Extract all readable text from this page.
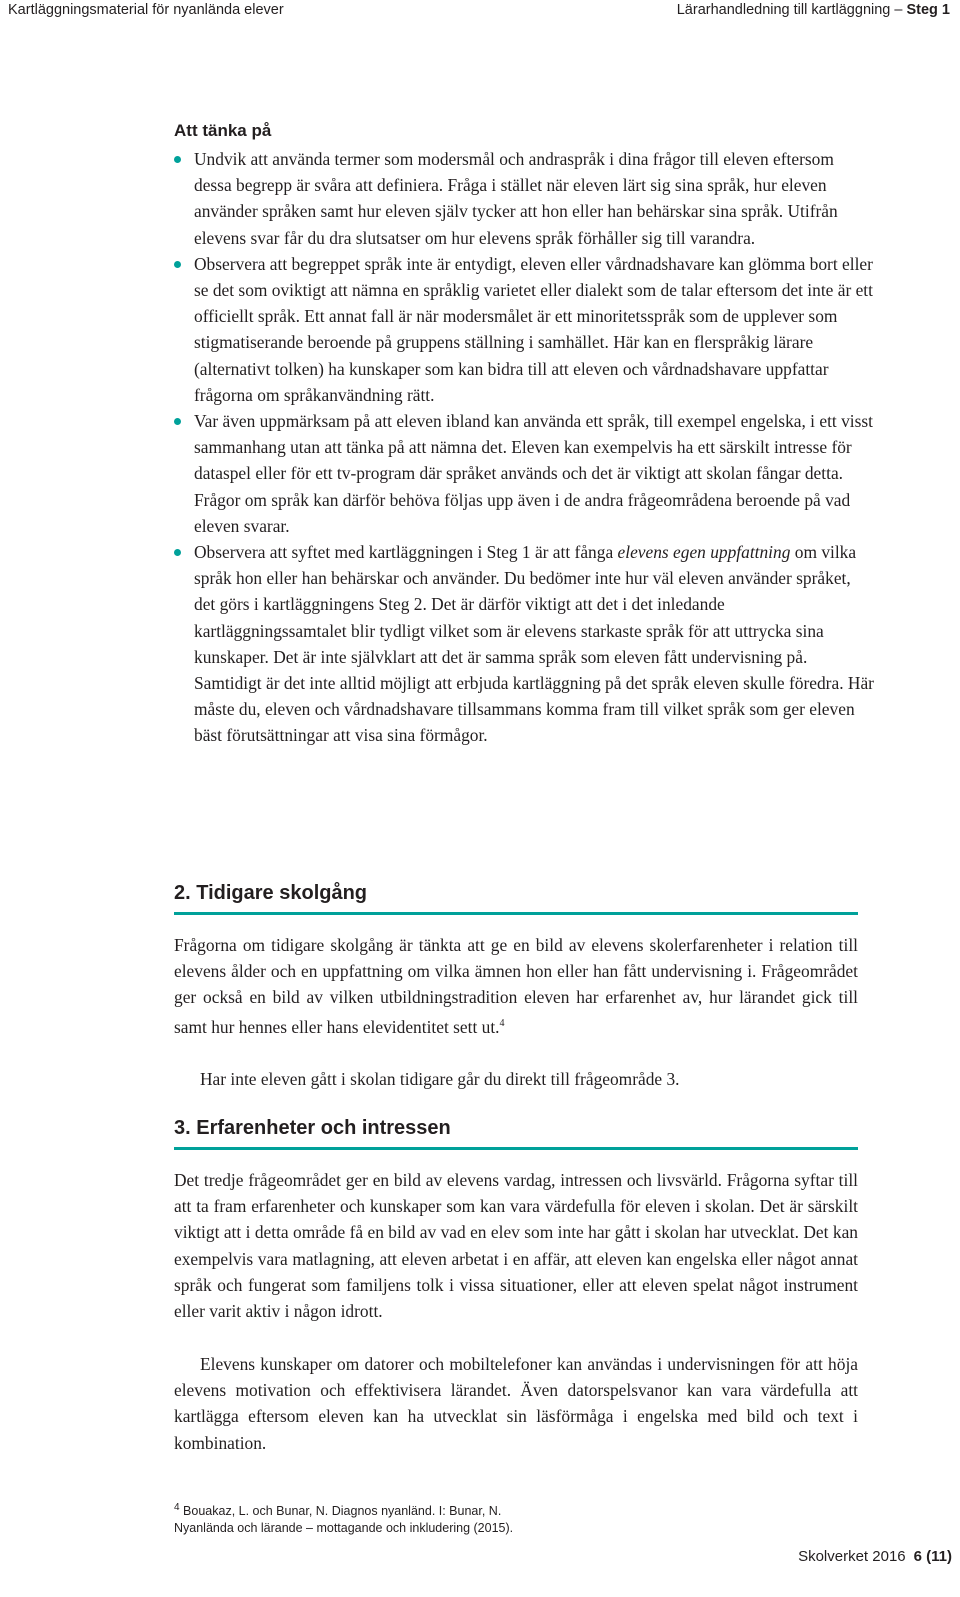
Kartläggningsmaterial för nyanlända elever	Lärarhandledning till kartläggning – Steg 1
Att tänka på
Undvik att använda termer som modersmål och andraspråk i dina frågor till eleven eftersom dessa begrepp är svåra att definiera. Fråga i stället när eleven lärt sig sina språk, hur eleven använder språken samt hur eleven själv tycker att hon eller han behärskar sina språk. Utifrån elevens svar får du dra slutsatser om hur elevens språk förhåller sig till varandra.
Observera att begreppet språk inte är entydigt, eleven eller vårdnadshavare kan glömma bort eller se det som oviktigt att nämna en språklig varietet eller dialekt som de talar eftersom det inte är ett officiellt språk. Ett annat fall är när modersmålet är ett minoritetsspråk som de upplever som stigmatiserande beroende på gruppens ställning i samhället. Här kan en flerspråkig lärare (alternativt tolken) ha kunskaper som kan bidra till att eleven och vårdnadshavare uppfattar frågorna om språkanvändning rätt.
Var även uppmärksam på att eleven ibland kan använda ett språk, till exempel engelska, i ett visst sammanhang utan att tänka på att nämna det. Eleven kan exempelvis ha ett särskilt intresse för dataspel eller för ett tv-program där språket används och det är viktigt att skolan fångar detta. Frågor om språk kan därför behöva följas upp även i de andra frågeområdena beroende på vad eleven svarar.
Observera att syftet med kartläggningen i Steg 1 är att fånga elevens egen uppfattning om vilka språk hon eller han behärskar och använder. Du bedömer inte hur väl eleven använder språket, det görs i kartläggningens Steg 2. Det är därför viktigt att det i det inledande kartläggningssamtalet blir tydligt vilket som är elevens starkaste språk för att uttrycka sina kunskaper. Det är inte självklart att det är samma språk som eleven fått undervisning på. Samtidigt är det inte alltid möjligt att erbjuda kartläggning på det språk eleven skulle föredra. Här måste du, eleven och vårdnadshavare tillsammans komma fram till vilket språk som ger eleven bäst förutsättningar att visa sina förmågor.
2. Tidigare skolgång

Frågorna om tidigare skolgång är tänkta att ge en bild av elevens skolerfarenheter i relation till elevens ålder och en uppfattning om vilka ämnen hon eller han fått undervisning i. Frågeområdet ger också en bild av vilken utbildningstradition eleven har erfarenhet av, hur lärandet gick till samt hur hennes eller hans elevidentitet sett ut.$^4$

Har inte eleven gått i skolan tidigare går du direkt till frågeområde 3.

3. Erfarenheter och intressen

Det tredje frågeområdet ger en bild av elevens vardag, intressen och livsvärld. Frågorna syftar till att ta fram erfarenheter och kunskaper som kan vara värdefulla för eleven i skolan. Det är särskilt viktigt att i detta område få en bild av vad en elev som inte har gått i skolan har utvecklat. Det kan exempelvis vara matlagning, att eleven arbetat i en affär, att eleven kan engelska eller något annat språk och fungerat som familjens tolk i vissa situationer, eller att eleven spelat något instrument eller varit aktiv i någon idrott.

Elevens kunskaper om datorer och mobiltelefoner kan användas i undervisningen för att höja elevens motivation och effektivisera lärandet. Även datorspelsvanor kan vara värdefulla att kartlägga eftersom eleven kan ha utvecklat sin läsförmåga i engelska med bild och text i kombination.

$^4$ Bouakaz, L. och Bunar, N. Diagnos nyanländ. I: Bunar, N.
Nyanlända och lärande – mottagande och inkludering (2015).
Skolverket 2016 6 (11)
